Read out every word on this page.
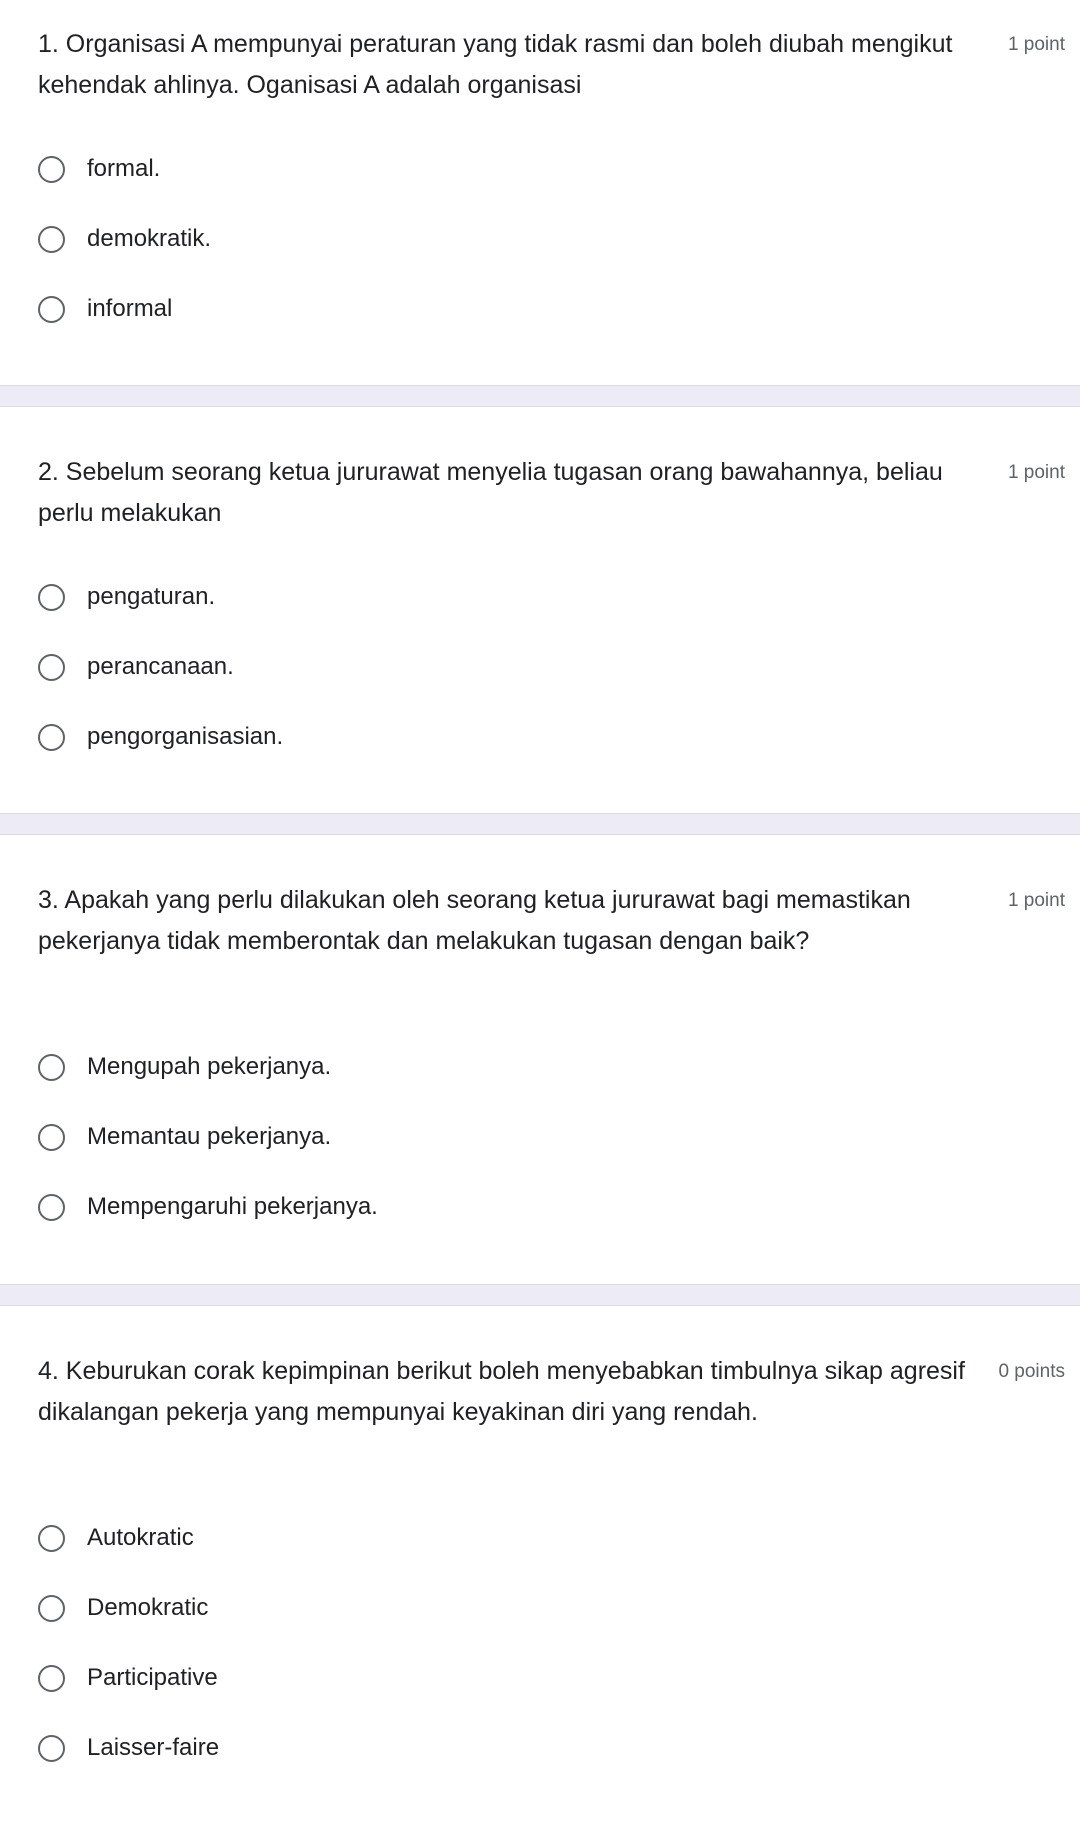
1. Organisasi A mempunyai peraturan yang tidak rasmi dan boleh diubah mengikut kehendak ahlinya. Oganisasi A adalah organisasi
1 point
formal.
demokratik.
informal
2. Sebelum seorang ketua jururawat menyelia tugasan orang bawahannya, beliau perlu melakukan
1 point
pengaturan.
perancanaan.
pengorganisasian.
3. Apakah yang perlu dilakukan oleh seorang ketua jururawat bagi memastikan pekerjanya tidak memberontak dan melakukan tugasan dengan baik?
1 point
Mengupah pekerjanya.
Memantau pekerjanya.
Mempengaruhi pekerjanya.
4. Keburukan corak kepimpinan berikut boleh menyebabkan timbulnya sikap agresif dikalangan pekerja yang mempunyai keyakinan diri yang rendah.
0 points
Autokratic
Demokratic
Participative
Laisser-faire
